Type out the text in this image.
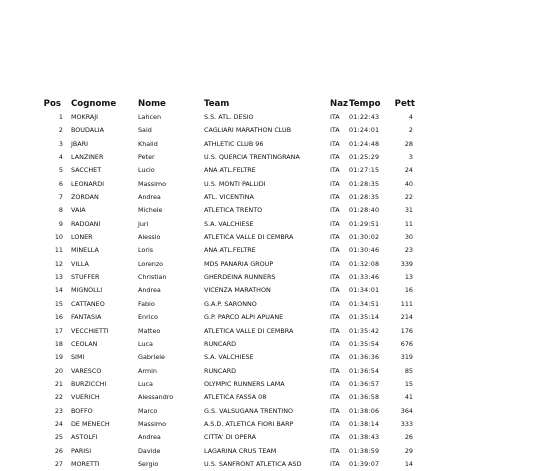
Pos Cognome	Nome	Team	Naz Tempo Pett
1 MOKRAJI	Lahcen	S.S. ATL. DESIO	ITA 01:22:43	4
2 BOUDALIA	Said	CAGLIARI MARATHON CLUB	ITA 01:24:01	2
3 JBARI	Khalid	ATHLETIC CLUB 96	ITA 01:24:48	28
4 LANZINER	Peter	U.S. QUERCIA TRENTINGRANA	ITA 01:25:29	3
5 SACCHET	Lucio	ANA ATL.FELTRE	ITA 01:27:15	24
6 LEONARDI	Massimo	U.S. MONTI PALLIDI	ITA 01:28:35	40
7 ZORDAN	Andrea	ATL. VICENTINA	ITA 01:28:35	22
8 VAIA	Michele	ATLETICA TRENTO	ITA 01:28:40	31
9 RADOANI	Juri	S.A. VALCHIESE	ITA 01:29:51	11
10 LONER	Alessio	ATLETICA VALLE DI CEMBRA	ITA 01:30:02	30
11 MINELLA	Loris	ANA ATL.FELTRE	ITA 01:30:46	23
12 VILLA	Lorenzo	MDS PANARIA GROUP	ITA 01:32:08	339
13 STUFFER	Christian	GHERDEINA RUNNERS	ITA 01:33:46	13
14 MIGNOLLI	Andrea	VICENZA MARATHON	ITA 01:34:01	16
15 CATTANEO	Fabio	G.A.P. SARONNO	ITA 01:34:51	111
16 FANTASIA	Enrico	G.P. PARCO ALPI APUANE	ITA 01:35:14	214
17 VECCHIETTI	Matteo	ATLETICA VALLE DI CEMBRA	ITA 01:35:42	176
18 CEOLAN	Luca	RUNCARD	ITA 01:35:54	676
19 SIMI	Gabriele	S.A. VALCHIESE	ITA 01:36:36	319
20 VARESCO	Armin	RUNCARD	ITA 01:36:54	85
21 BURZICCHI	Luca	OLYMPIC RUNNERS LAMA	ITA 01:36:57	15
22 VUERICH	Alessandro	ATLETICA FASSA 08	ITA 01:36:58	41
23 BOFFO	Marco	G.S. VALSUGANA TRENTINO	ITA 01:38:06	364
24 DE MENECH	Massimo	A.S.D. ATLETICA FIORI BARP	ITA 01:38:14	333
25 ASTOLFI	Andrea	CITTA' DI OPERA	ITA 01:38:43	26
26 PARISI	Davide	LAGARINA CRUS TEAM	ITA 01:38:59	29
27 MORETTI	Sergio	U.S. SANFRONT ATLETICA ASD	ITA 01:39:07	14
